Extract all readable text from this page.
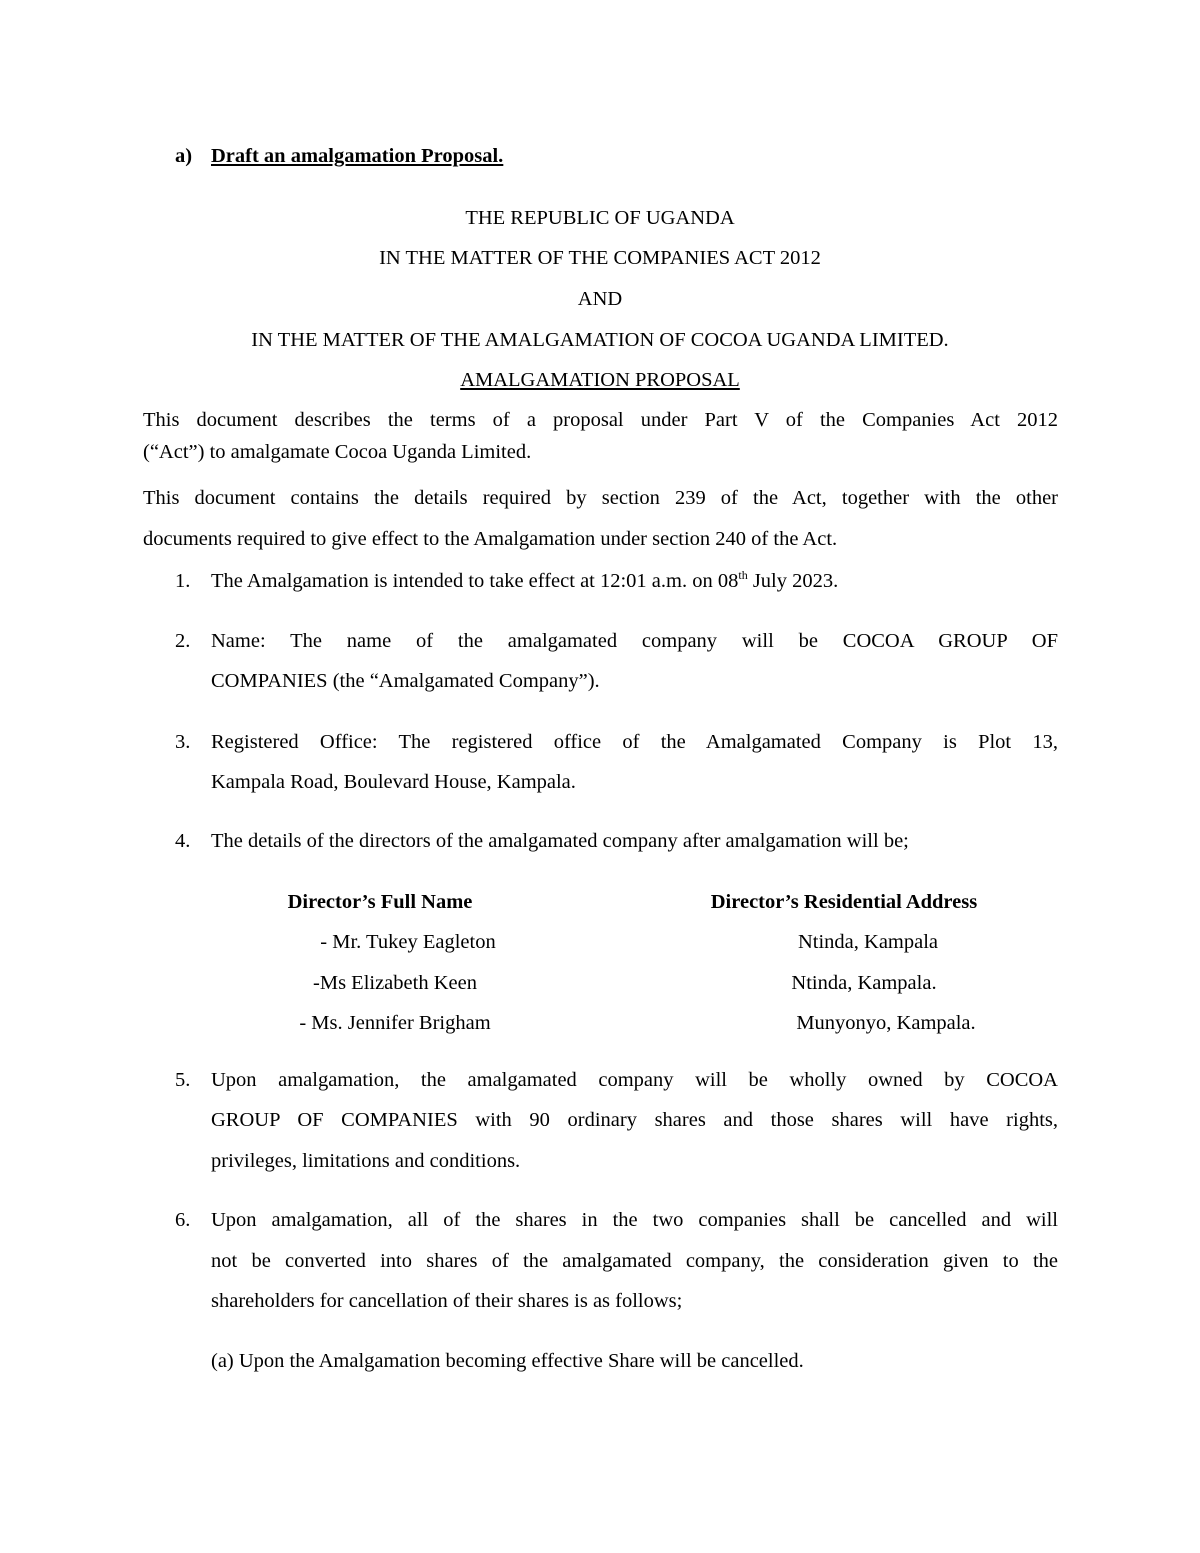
a) Draft an amalgamation Proposal.
THE REPUBLIC OF UGANDA
IN THE MATTER OF THE COMPANIES ACT 2012
AND
IN THE MATTER OF THE AMALGAMATION OF COCOA UGANDA LIMITED.
AMALGAMATION PROPOSAL
This document describes the terms of a proposal under Part V of the Companies Act 2012
(“Act”) to amalgamate Cocoa Uganda Limited.
This document contains the details required by section 239 of the Act, together with the other
documents required to give effect to the Amalgamation under section 240 of the Act.
1. The Amalgamation is intended to take effect at 12:01 a.m. on 08th July 2023.
2. Name: The name of the amalgamated company will be COCOA GROUP OF
COMPANIES (the “Amalgamated Company”).
3. Registered Office: The registered office of the Amalgamated Company is Plot 13,
Kampala Road, Boulevard House, Kampala.
4. The details of the directors of the amalgamated company after amalgamation will be;
Director’s Full Name	Director’s Residential Address
- Mr. Tukey Eagleton	Ntinda, Kampala
-Ms Elizabeth Keen	Ntinda, Kampala.
- Ms. Jennifer Brigham	Munyonyo, Kampala.
5. Upon amalgamation, the amalgamated company will be wholly owned by COCOA
GROUP OF COMPANIES with 90 ordinary shares and those shares will have rights,
privileges, limitations and conditions.
6. Upon amalgamation, all of the shares in the two companies shall be cancelled and will
not be converted into shares of the amalgamated company, the consideration given to the
shareholders for cancellation of their shares is as follows;
(a) Upon the Amalgamation becoming effective Share will be cancelled.
